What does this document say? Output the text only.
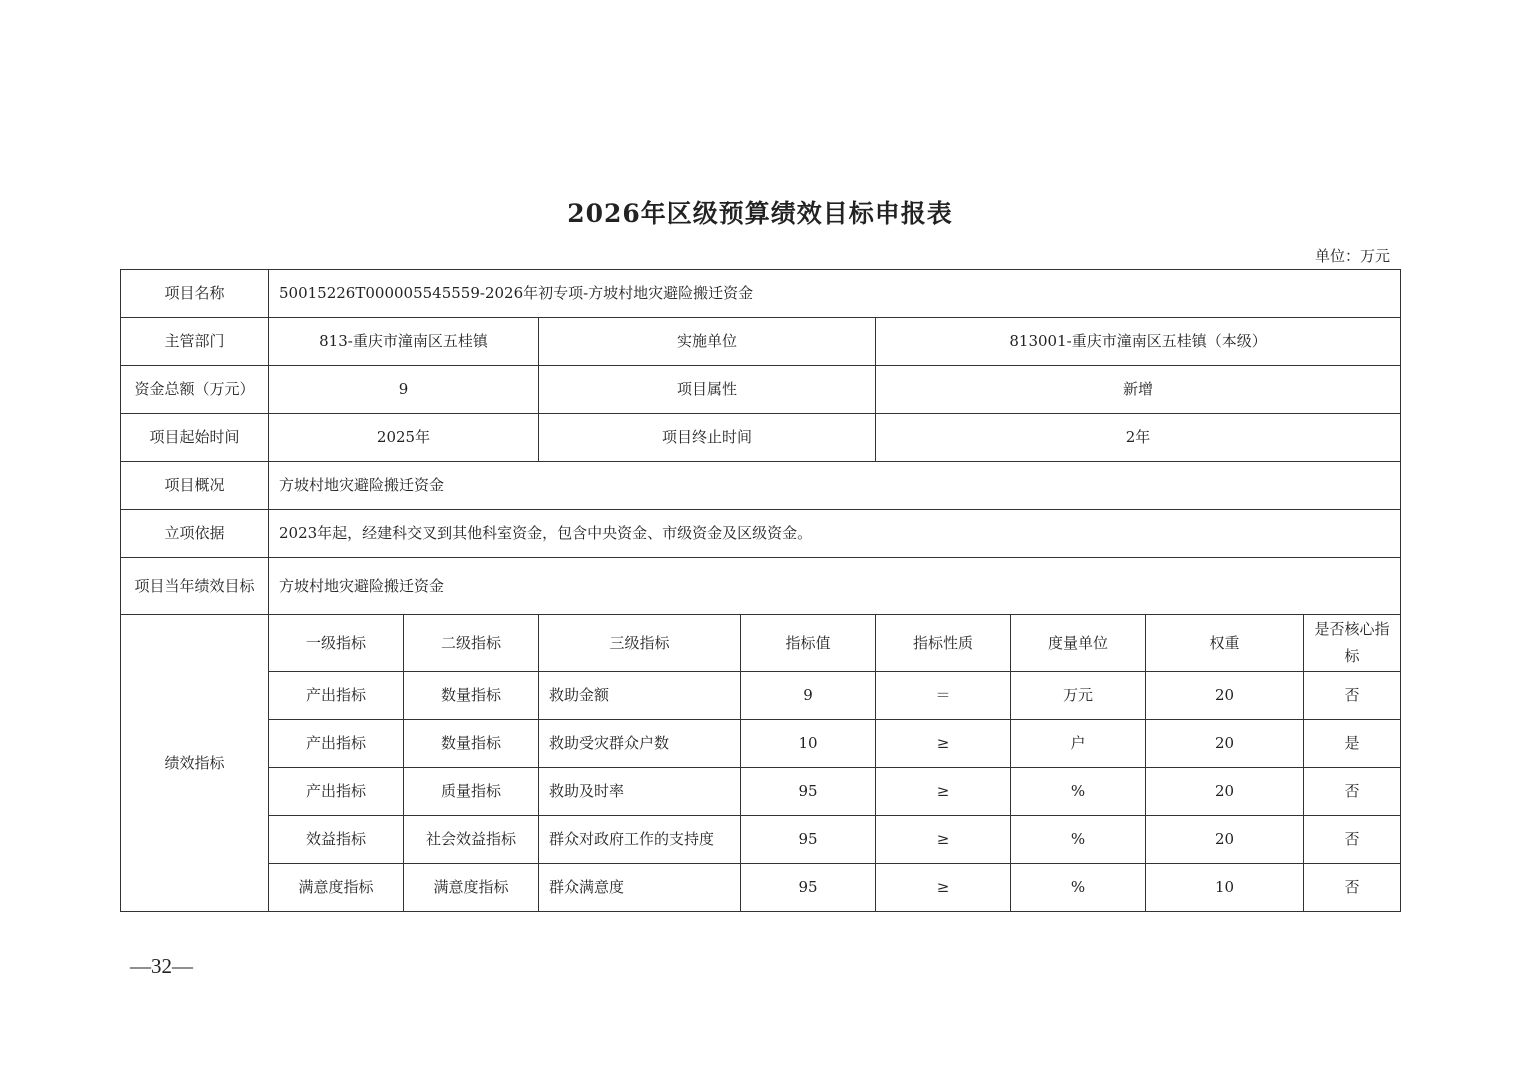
2026年区级预算绩效目标申报表
单位：万元
项目名称	50015226T000005545559-2026年初专项-方坡村地灾避险搬迁资金							
主管部门	813-重庆市潼南区五桂镇		实施单位		813001-重庆市潼南区五桂镇（本级）			
资金总额（万元）	9		项目属性		新增			
项目起始时间	2025年		项目终止时间		2年			
项目概况	方坡村地灾避险搬迁资金							
立项依据	2023年起，经建科交叉到其他科室资金，包含中央资金、市级资金及区级资金。							
项目当年绩效目标	方坡村地灾避险搬迁资金							
绩效指标	一级指标	二级指标	三级指标	指标值	指标性质	度量单位	权重	是否核心指标
	产出指标	数量指标	救助金额	9	＝	万元	20	否
	产出指标	数量指标	救助受灾群众户数	10	≥	户	20	是
	产出指标	质量指标	救助及时率	95	≥	%	20	否
	效益指标	社会效益指标	群众对政府工作的支持度	95	≥	%	20	否
	满意度指标	满意度指标	群众满意度	95	≥	%	10	否
—32—
